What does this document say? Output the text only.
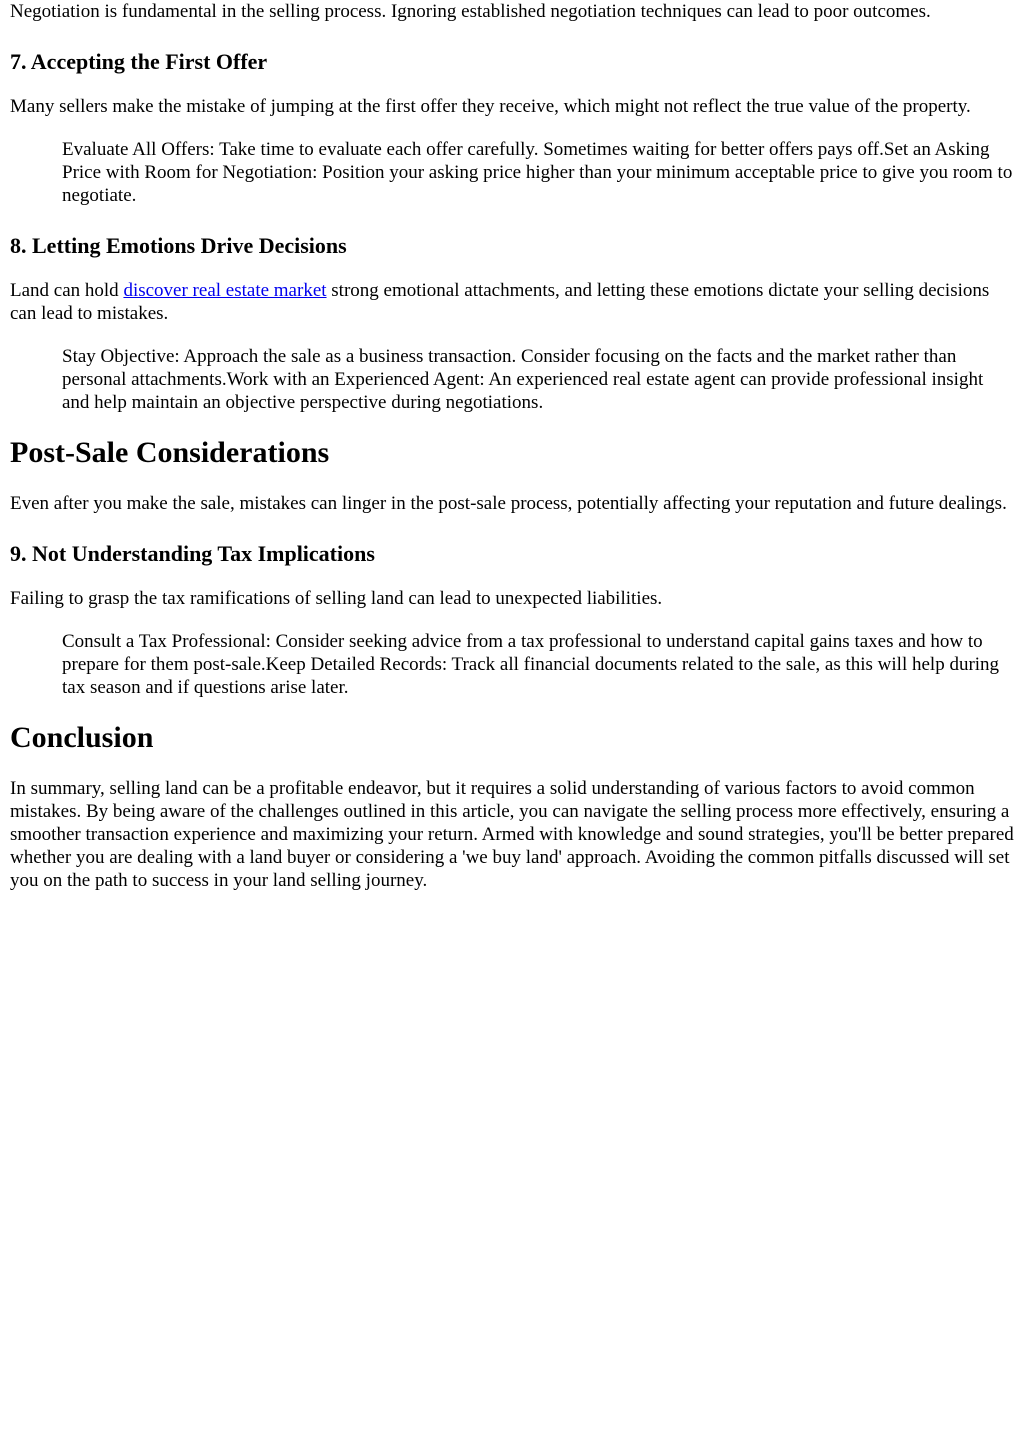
Negotiation is fundamental in the selling process. Ignoring established negotiation techniques can lead to poor outcomes.

7. Accepting the First Offer

Many sellers make the mistake of jumping at the first offer they receive, which might not reflect the true value of the property.

Evaluate All Offers: Take time to evaluate each offer carefully. Sometimes waiting for better offers pays off.Set an Asking Price with Room for Negotiation: Position your asking price higher than your minimum acceptable price to give you room to negotiate.

8. Letting Emotions Drive Decisions

Land can hold discover real estate market strong emotional attachments, and letting these emotions dictate your selling decisions can lead to mistakes.

Stay Objective: Approach the sale as a business transaction. Consider focusing on the facts and the market rather than personal attachments.Work with an Experienced Agent: An experienced real estate agent can provide professional insight and help maintain an objective perspective during negotiations.

Post-Sale Considerations

Even after you make the sale, mistakes can linger in the post-sale process, potentially affecting your reputation and future dealings.

9. Not Understanding Tax Implications

Failing to grasp the tax ramifications of selling land can lead to unexpected liabilities.

Consult a Tax Professional: Consider seeking advice from a tax professional to understand capital gains taxes and how to prepare for them post-sale.Keep Detailed Records: Track all financial documents related to the sale, as this will help during tax season and if questions arise later.

Conclusion

In summary, selling land can be a profitable endeavor, but it requires a solid understanding of various factors to avoid common mistakes. By being aware of the challenges outlined in this article, you can navigate the selling process more effectively, ensuring a smoother transaction experience and maximizing your return. Armed with knowledge and sound strategies, you'll be better prepared whether you are dealing with a land buyer or considering a 'we buy land' approach. Avoiding the common pitfalls discussed will set you on the path to success in your land selling journey.
